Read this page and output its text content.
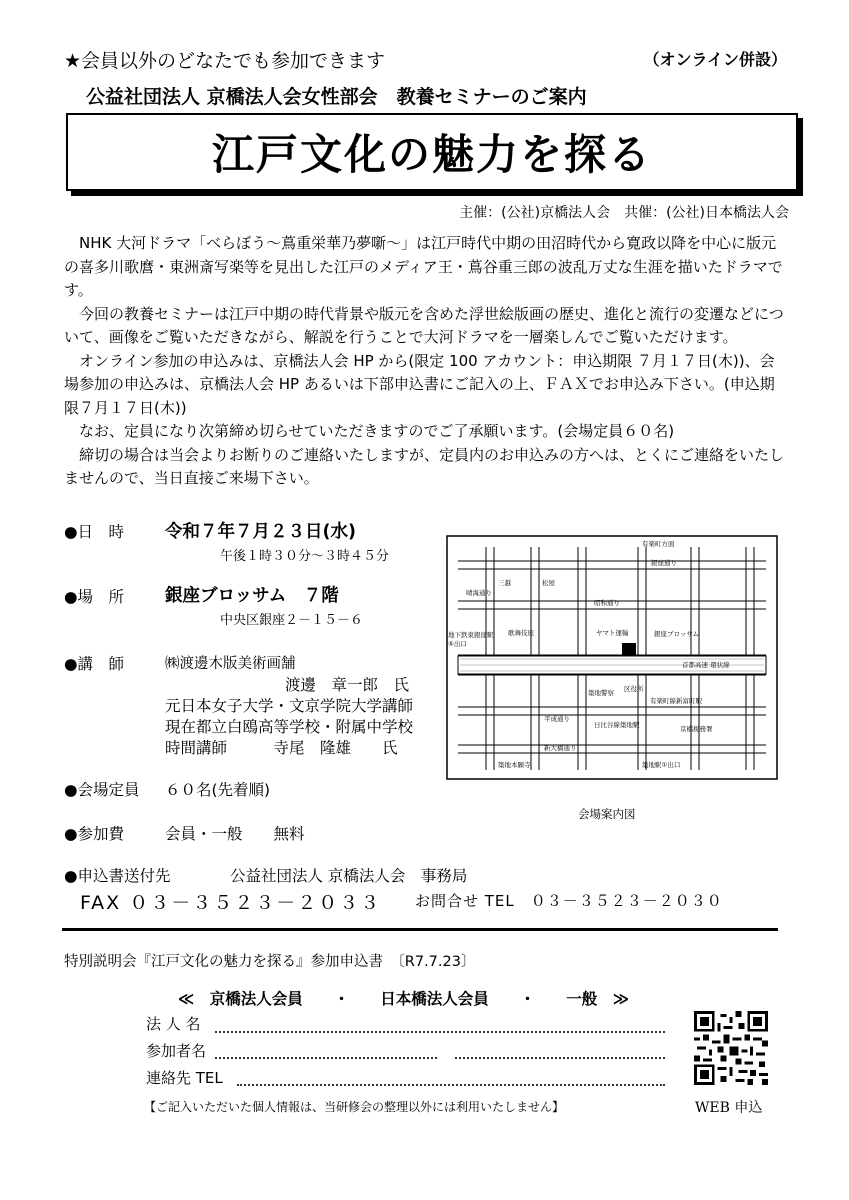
★会員以外のどなたでも参加できます	（オンライン併設）
公益社団法人 京橋法人会女性部会　教養セミナーのご案内
江戸文化の魅力を探る
主催：(公社)京橋法人会　共催：(公社)日本橋法人会

NHK 大河ドラマ「べらぼう～蔦重栄華乃夢噺～」は江戸時代中期の田沼時代から寛政以降を中心に版元の喜多川歌麿・東洲斎写楽等を見出した江戸のメディア王・蔦谷重三郎の波乱万丈な生涯を描いたドラマです。

今回の教養セミナーは江戸中期の時代背景や版元を含めた浮世絵版画の歴史、進化と流行の変遷などについて、画像をご覧いただきながら、解説を行うことで大河ドラマを一層楽しんでご覧いただけます。

オンライン参加の申込みは、京橋法人会 HP から(限定 100 アカウント：申込期限 ７月１７日(木))、会場参加の申込みは、京橋法人会 HP あるいは下部申込書にご記入の上、ＦＡＸでお申込み下さい。(申込期限７月１７日(木))

なお、定員になり次第締め切らせていただきますのでご了承願います。(会場定員６０名)

締切の場合は当会よりお断りのご連絡いたしますが、定員内のお申込みの方へは、とくにご連絡をいたしませんので、当日直接ご来場下さい。

●日　時 令和７年７月２３日(水)
午後１時３０分～３時４５分
●場　所 銀座ブロッサム　７階
中央区銀座２－１５－６
●講　師	㈱渡邊木版美術画舗
渡邊　章一郎　氏
元日本女子大学・文京学院大学講師
現在都立白鴎高等学校・附属中学校
時間講師　　　寺尾　隆雄　　氏
●会場定員 ６０名(先着順)
●参加費	会員・一般　　無料
●申込書送付先	公益社団法人 京橋法人会　事務局
FAX ０３－３５２３－２０３３ お問合せ TEL　０３－３５２３－２０３０
有楽町方面
銀座通り
三越	松屋
晴海通り
昭和通り
地下鉄東銀座駅
⑤出口
歌舞伎座	ヤマト運輸	銀座ブロッサム
首都高速 環状線
築地警察 区役所
有楽町線新富町駅
平成通り
日比谷線築地駅	京橋税務署
新大橋通り
築地本願寺	築地駅①出口
会場案内図
特別説明会『江戸文化の魅力を探る』参加申込書　〔R7.7.23〕
≪　京橋法人会員　　・　　日本橋法人会員　　・　　一般　≫
法 人 名
参加者名
連絡先 TEL
【ご記入いただいた個人情報は、当研修会の整理以外には利用いたしません】	WEB 申込
